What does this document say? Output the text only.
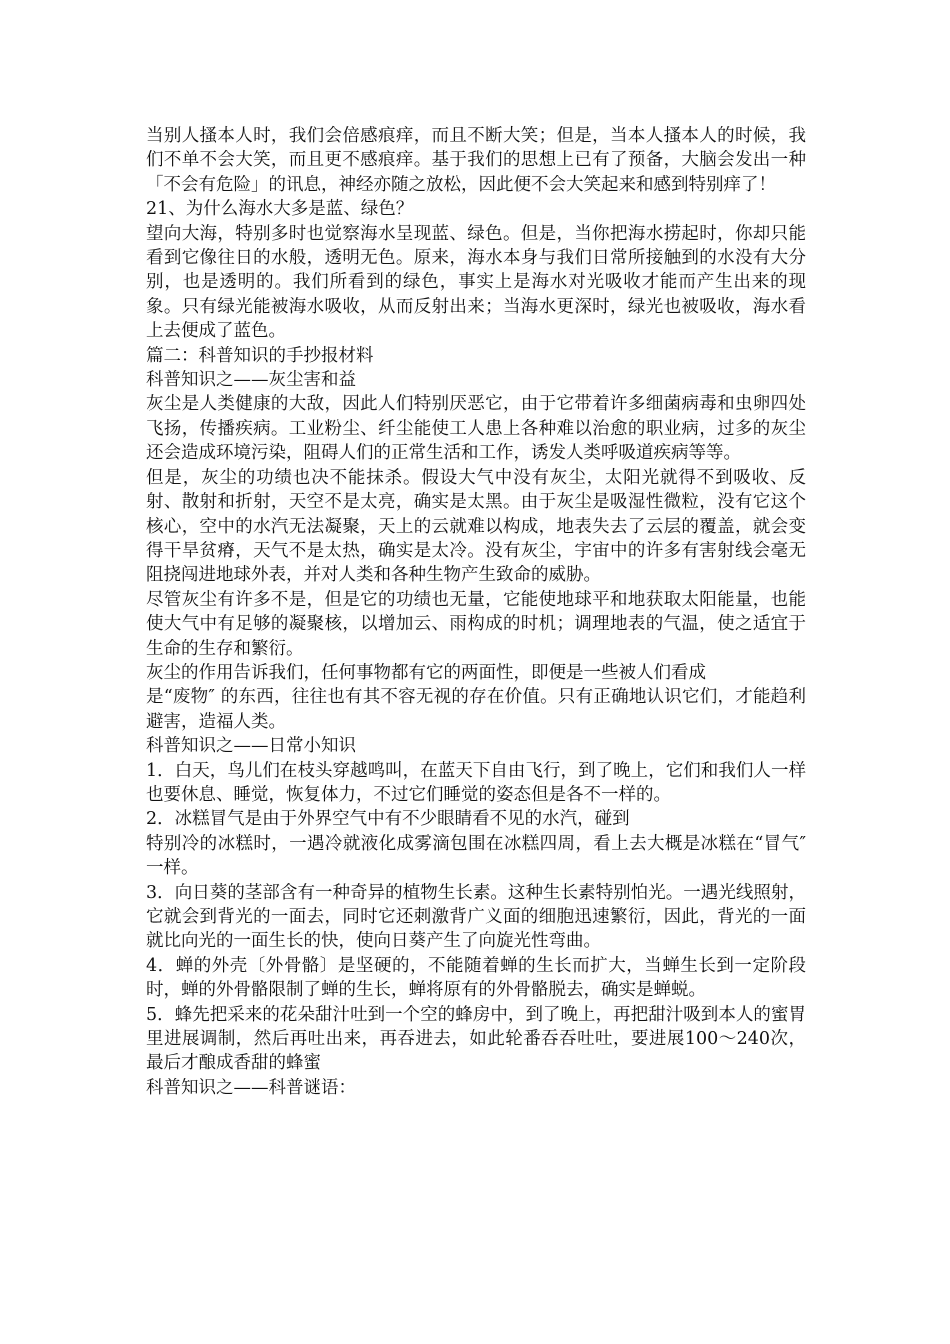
当别人搔本人时，我们会倍感痕痒，而且不断大笑；但是，当本人搔本人的时候，我们不单不会大笑，而且更不感痕痒。基于我们的思想上已有了预备，大脑会发出一种「不会有危险」的讯息，神经亦随之放松，因此便不会大笑起来和感到特别痒了！

21、为什么海水大多是蓝、绿色？

望向大海，特别多时也觉察海水呈现蓝、绿色。但是，当你把海水捞起时，你却只能看到它像往日的水般，透明无色。原来，海水本身与我们日常所接触到的水没有大分别，也是透明的。我们所看到的绿色，事实上是海水对光吸收才能而产生出来的现象。只有绿光能被海水吸收，从而反射出来；当海水更深时，绿光也被吸收，海水看上去便成了蓝色。

篇二：科普知识的手抄报材料

科普知识之——灰尘害和益

灰尘是人类健康的大敌，因此人们特别厌恶它，由于它带着许多细菌病毒和虫卵四处飞扬，传播疾病。工业粉尘、纤尘能使工人患上各种难以治愈的职业病，过多的灰尘还会造成环境污染，阻碍人们的正常生活和工作，诱发人类呼吸道疾病等等。

但是，灰尘的功绩也决不能抹杀。假设大气中没有灰尘，太阳光就得不到吸收、反射、散射和折射，天空不是太亮，确实是太黑。由于灰尘是吸湿性微粒，没有它这个核心，空中的水汽无法凝聚，天上的云就难以构成，地表失去了云层的覆盖，就会变得干旱贫瘠，天气不是太热，确实是太冷。没有灰尘，宇宙中的许多有害射线会毫无阻挠闯进地球外表，并对人类和各种生物产生致命的威胁。

尽管灰尘有许多不是，但是它的功绩也无量，它能使地球平和地获取太阳能量，也能使大气中有足够的凝聚核，以增加云、雨构成的时机；调理地表的气温，使之适宜于生命的生存和繁衍。

灰尘的作用告诉我们，任何事物都有它的两面性，即便是一些被人们看成

是“废物″ 的东西，往往也有其不容无视的存在价值。只有正确地认识它们，才能趋利避害，造福人类。

科普知识之——日常小知识

1．白天，鸟儿们在枝头穿越鸣叫，在蓝天下自由飞行，到了晚上，它们和我们人一样也要休息、睡觉，恢复体力，不过它们睡觉的姿态但是各不一样的。

2．冰糕冒气是由于外界空气中有不少眼睛看不见的水汽，碰到

特别冷的冰糕时，一遇冷就液化成雾滴包围在冰糕四周，看上去大概是冰糕在“冒气″ 一样。

3．向日葵的茎部含有一种奇异的植物生长素。这种生长素特别怕光。一遇光线照射，它就会到背光的一面去，同时它还刺激背广义面的细胞迅速繁衍，因此，背光的一面就比向光的一面生长的快，使向日葵产生了向旋光性弯曲。

4．蝉的外壳〔外骨骼〕是坚硬的，不能随着蝉的生长而扩大，当蝉生长到一定阶段时，蝉的外骨骼限制了蝉的生长，蝉将原有的外骨骼脱去，确实是蝉蜕。

5．蜂先把采来的花朵甜汁吐到一个空的蜂房中，到了晚上，再把甜汁吸到本人的蜜胃里进展调制，然后再吐出来，再吞进去，如此轮番吞吞吐吐，要进展100～240次，最后才酿成香甜的蜂蜜

科普知识之——科普谜语：
